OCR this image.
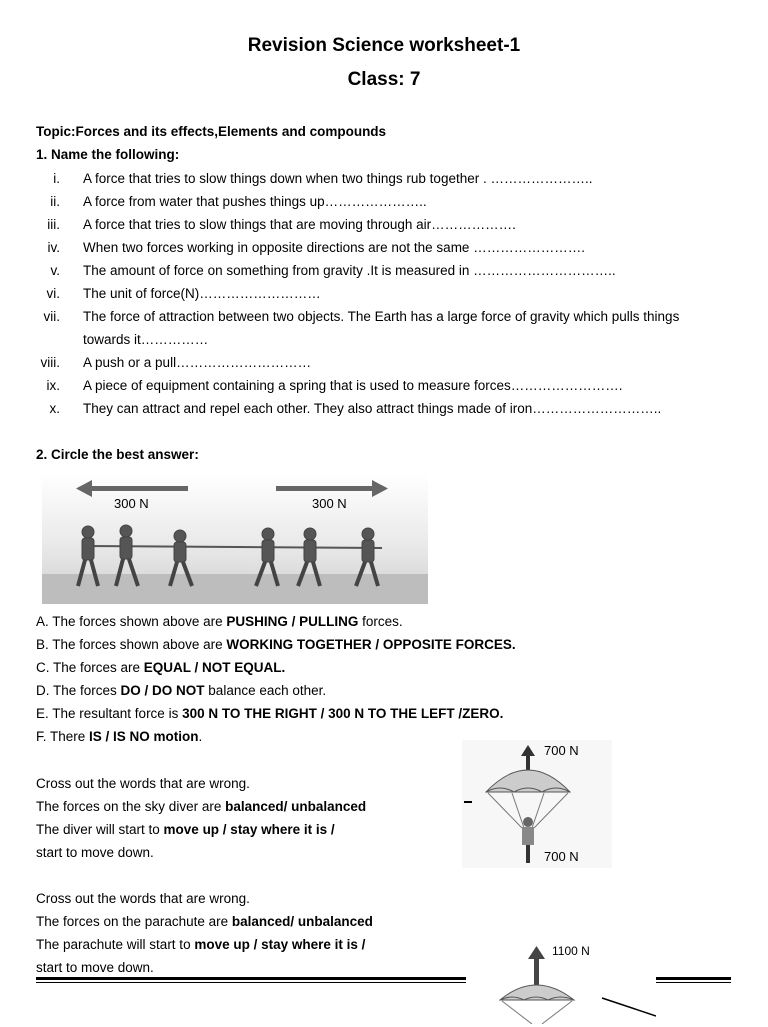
Revision Science worksheet-1
Class: 7
Topic:Forces and its effects,Elements and compounds
1. Name the following:
i. A force that tries to slow things down when two things rub together . …………………..
ii. A force from water that pushes things up…………………..
iii. A force that tries to slow things that are moving through air……………….
iv. When two forces working in opposite directions are not the same …………………….
v. The amount of force on something from gravity .It is measured in …………………………..
vi. The unit of force(N)………………………
vii. The force of attraction between two objects. The Earth has a large force of gravity which pulls things
towards it……………
viii. A push or a pull…………………………
ix. A piece of equipment containing a spring that is used to measure forces…………………….
x. They can attract and repel each other. They also attract things made of iron………………………..
2. Circle the best answer:
300 N	300 N
A. The forces shown above are PUSHING / PULLING forces.
B. The forces shown above are WORKING TOGETHER / OPPOSITE FORCES.
C. The forces are EQUAL / NOT EQUAL.
D. The forces DO / DO NOT balance each other.
E. The resultant force is 300 N TO THE RIGHT / 300 N TO THE LEFT /ZERO.
F. There IS / IS NO motion.
Cross out the words that are wrong.
The forces on the sky diver are balanced/ unbalanced
The diver will start to move up / stay where it is /
start to move down.
700 N
700 N
Cross out the words that are wrong.
The forces on the parachute are balanced/ unbalanced
The parachute will start to move up / stay where it is /
start to move down.
1100 N
